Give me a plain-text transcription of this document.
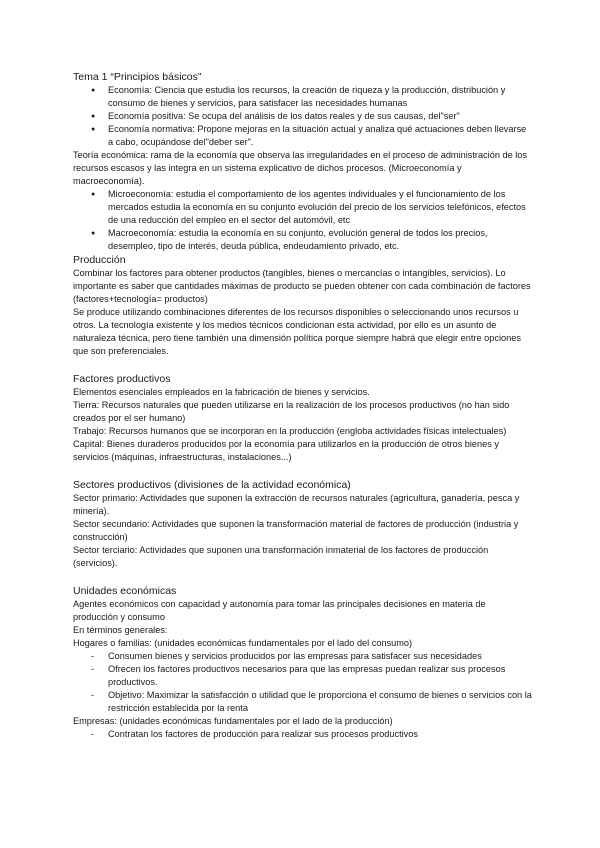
Tema 1 “Principios básicos”
● Economía: Ciencia que estudia los recursos, la creación de riqueza y la producción, distribución y consumo de bienes y servicios, para satisfacer las necesidades humanas
● Economía positiva: Se ocupa del análisis de los datos reales y de sus causas, del"ser"
● Economía normativa: Propone mejoras en la situación actual y analiza qué actuaciones deben llevarse a cabo, ocupándose del"deber ser".

Teoría económica: rama de la economía que observa las irregularidades en el proceso de administración de los recursos escasos y las integra en un sistema explicativo de dichos procesos. (Microeconomía y macroeconomía).

● Microeconomía: estudia el comportamiento de los agentes individuales y el funcionamiento de los mercados estudia la economía en su conjunto evolución del precio de los servicios telefónicos, efectos de una reducción del empleo en el sector del automóvil, etc
● Macroeconomía: estudia la economía en su conjunto, evolución general de todos los precios, desempleo, tipo de interés, deuda pública, endeudamiento privado, etc.
Producción

Combinar los factores para obtener productos (tangibles, bienes o mercancías o intangibles, servicios). Lo importante es saber que cantidades máximas de producto se pueden obtener con cada combinación de factores (factores+tecnología= productos)

Se produce utilizando combinaciones diferentes de los recursos disponibles o seleccionando unos recursos u otros. La tecnología existente y los medios técnicos condicionan esta actividad, por ello es un asunto de naturaleza técnica, pero tiene también una dimensión política porque siempre habrá que elegir entre opciones que son preferenciales.

Factores productivos

Elementos esenciales empleados en la fabricación de bienes y servicios.

Tierra: Recursos naturales que pueden utilizarse en la realización de los procesos productivos (no han sido creados por el ser humano)

Trabajo: Recursos humanos que se incorporan en la producción (engloba actividades físicas intelectuales)

Capital: Bienes duraderos producidos por la economía para utilizarlos en la producción de otros bienes y servicios (máquinas, infraestructuras, instalaciones...)

Sectores productivos (divisiones de la actividad económica)

Sector primario: Actividades que suponen la extracción de recursos naturales (agricultura, ganadería, pesca y minería).

Sector secundario: Actividades que suponen la transformación material de factores de producción (industria y construcción)

Sector terciario: Actividades que suponen una transformación inmaterial de los factores de producción (servicios).

Unidades económicas

Agentes económicos con capacidad y autonomía para tomar las principales decisiones en materia de producción y consumo

En términos generales:

Hogares o familias: (unidades económicas fundamentales por el lado del consumo)

- Consumen bienes y servicios producidos por las empresas para satisfacer sus necesidades
- Ofrecen los factores productivos necesarios para que las empresas puedan realizar sus procesos productivos.
- Objetivo: Maximizar la satisfacción o utilidad que le proporciona el consumo de bienes o servicios con la restricción establecida por la renta

Empresas: (unidades económicas fundamentales por el lado de la producción)

- Contratan los factores de producción para realizar sus procesos productivos
